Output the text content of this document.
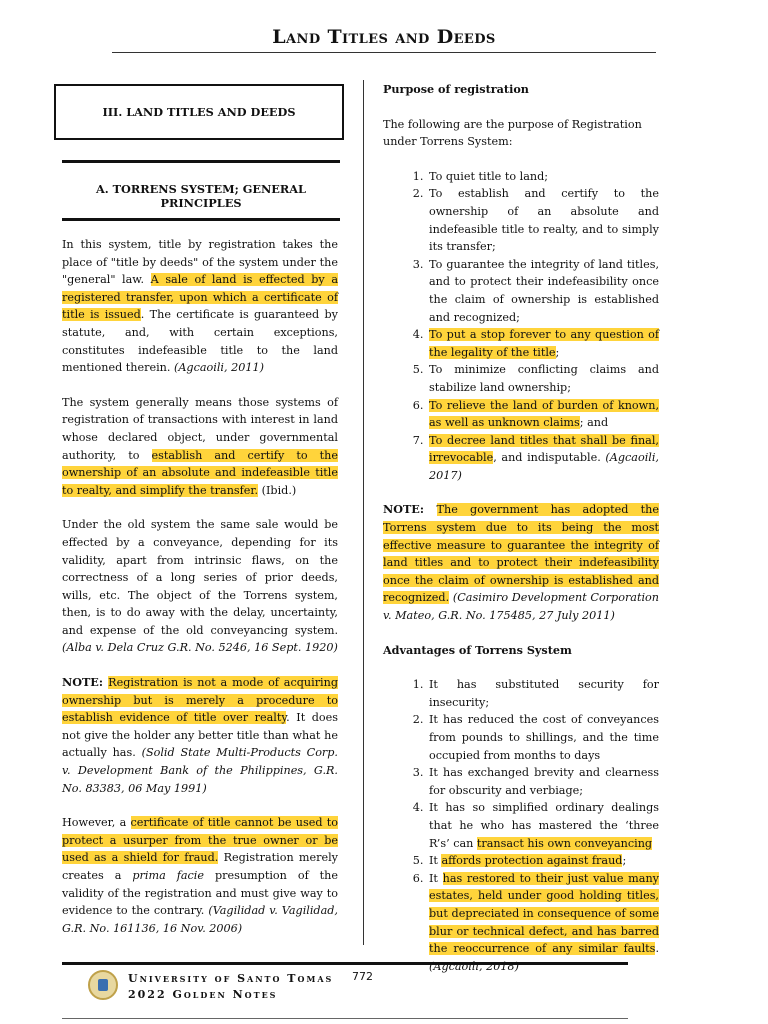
Land Titles and Deeds
III. LAND TITLES AND DEEDS
A. TORRENS SYSTEM; GENERAL PRINCIPLES

In this system, title by registration takes the place of "title by deeds" of the system under the "general" law. A sale of land is effected by a registered transfer, upon which a certificate of title is issued. The certificate is guaranteed by statute, and, with certain exceptions, constitutes indefeasible title to the land mentioned therein. (Agcaoili, 2011)

The system generally means those systems of registration of transactions with interest in land whose declared object, under governmental authority, to establish and certify to the ownership of an absolute and indefeasible title to realty, and simplify the transfer. (Ibid.)

Under the old system the same sale would be effected by a conveyance, depending for its validity, apart from intrinsic flaws, on the correctness of a long series of prior deeds, wills, etc. The object of the Torrens system, then, is to do away with the delay, uncertainty, and expense of the old conveyancing system. (Alba v. Dela Cruz G.R. No. 5246, 16 Sept. 1920)

NOTE: Registration is not a mode of acquiring ownership but is merely a procedure to establish evidence of title over realty. It does not give the holder any better title than what he actually has. (Solid State Multi-Products Corp. v. Development Bank of the Philippines, G.R. No. 83383, 06 May 1991)

However, a certificate of title cannot be used to protect a usurper from the true owner or be used as a shield for fraud. Registration merely creates a prima facie presumption of the validity of the registration and must give way to evidence to the contrary. (Vagilidad v. Vagilidad, G.R. No. 161136, 16 Nov. 2006)

Purpose of registration

The following are the purpose of Registration under Torrens System:

1. To quiet title to land;
2. To establish and certify to the ownership of an absolute and indefeasible title to realty, and to simply its transfer;
3. To guarantee the integrity of land titles, and to protect their indefeasibility once the claim of ownership is established and recognized;
4. To put a stop forever to any question of the legality of the title;
5. To minimize conflicting claims and stabilize land ownership;
6. To relieve the land of burden of known, as well as unknown claims; and
7. To decree land titles that shall be final, irrevocable, and indisputable. (Agcaoili, 2017)

NOTE: The government has adopted the Torrens system due to its being the most effective measure to guarantee the integrity of land titles and to protect their indefeasibility once the claim of ownership is established and recognized. (Casimiro Development Corporation v. Mateo, G.R. No. 175485, 27 July 2011)

Advantages of Torrens System
1. It has substituted security for insecurity;
2. It has reduced the cost of conveyances from pounds to shillings, and the time occupied from months to days
3. It has exchanged brevity and clearness for obscurity and verbiage;
4. It has so simplified ordinary dealings that he who has mastered the ‘three R’s’ can transact his own conveyancing
5. It affords protection against fraud;
6. It has restored to their just value many estates, held under good holding titles, but depreciated in consequence of some blur or technical defect, and has barred the reoccurrence of any similar faults. (Agcaoili, 2018)
University of Santo Tomas
2022 Golden Notes
772
